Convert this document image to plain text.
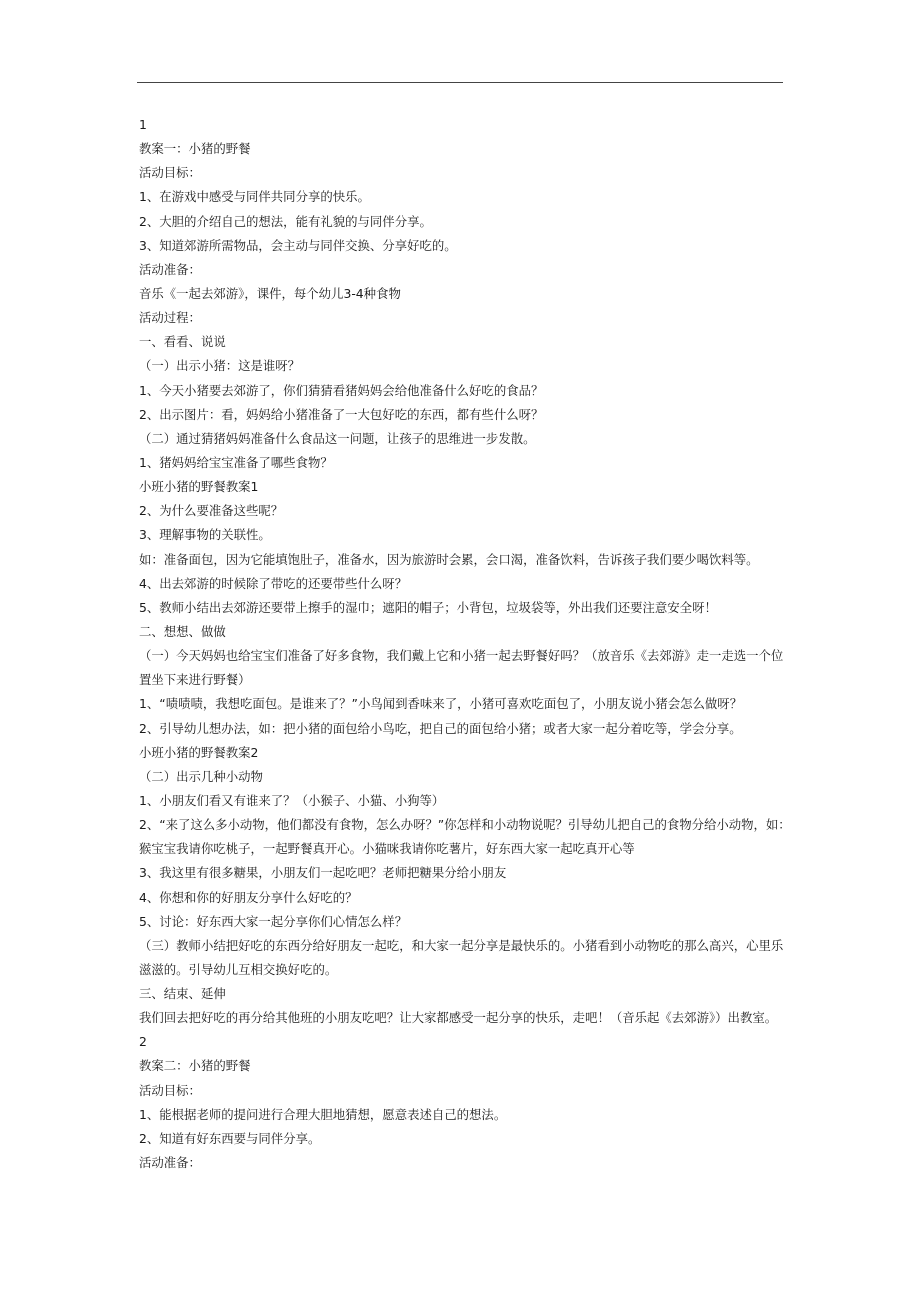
1
教案一：小猪的野餐
活动目标：
1、在游戏中感受与同伴共同分享的快乐。
2、大胆的介绍自己的想法，能有礼貌的与同伴分享。
3、知道郊游所需物品，会主动与同伴交换、分享好吃的。
活动准备：
音乐《一起去郊游》，课件，每个幼儿3-4种食物
活动过程：
一、看看、说说
（一）出示小猪：这是谁呀？
1、今天小猪要去郊游了，你们猜猜看猪妈妈会给他准备什么好吃的食品？
2、出示图片：看，妈妈给小猪准备了一大包好吃的东西，都有些什么呀？
（二）通过猜猪妈妈准备什么食品这一问题，让孩子的思维进一步发散。
1、猪妈妈给宝宝准备了哪些食物？
小班小猪的野餐教案1
2、为什么要准备这些呢？
3、理解事物的关联性。
如：准备面包，因为它能填饱肚子，准备水，因为旅游时会累，会口渴，准备饮料，告诉孩子我们要少喝饮料等。
4、出去郊游的时候除了带吃的还要带些什么呀？
5、教师小结出去郊游还要带上擦手的湿巾；遮阳的帽子；小背包，垃圾袋等，外出我们还要注意安全呀！
二、想想、做做
（一）今天妈妈也给宝宝们准备了好多食物，我们戴上它和小猪一起去野餐好吗？（放音乐《去郊游》走一走选一个位
置坐下来进行野餐）
1、“啧啧啧，我想吃面包。是谁来了？”小鸟闻到香味来了，小猪可喜欢吃面包了，小朋友说小猪会怎么做呀？
2、引导幼儿想办法，如：把小猪的面包给小鸟吃，把自己的面包给小猪；或者大家一起分着吃等，学会分享。
小班小猪的野餐教案2
（二）出示几种小动物
1、小朋友们看又有谁来了？（小猴子、小猫、小狗等）
2、“来了这么多小动物，他们都没有食物，怎么办呀？”你怎样和小动物说呢？引导幼儿把自己的食物分给小动物，如：
猴宝宝我请你吃桃子，一起野餐真开心。小猫咪我请你吃薯片，好东西大家一起吃真开心等
3、我这里有很多糖果，小朋友们一起吃吧？老师把糖果分给小朋友
4、你想和你的好朋友分享什么好吃的？
5、讨论：好东西大家一起分享你们心情怎么样？
（三）教师小结把好吃的东西分给好朋友一起吃，和大家一起分享是最快乐的。小猪看到小动物吃的那么高兴，心里乐
滋滋的。引导幼儿互相交换好吃的。
三、结束、延伸
我们回去把好吃的再分给其他班的小朋友吃吧？让大家都感受一起分享的快乐，走吧！（音乐起《去郊游》）出教室。
2
教案二：小猪的野餐
活动目标：
1、能根据老师的提问进行合理大胆地猜想，愿意表述自己的想法。
2、知道有好东西要与同伴分享。
活动准备：
